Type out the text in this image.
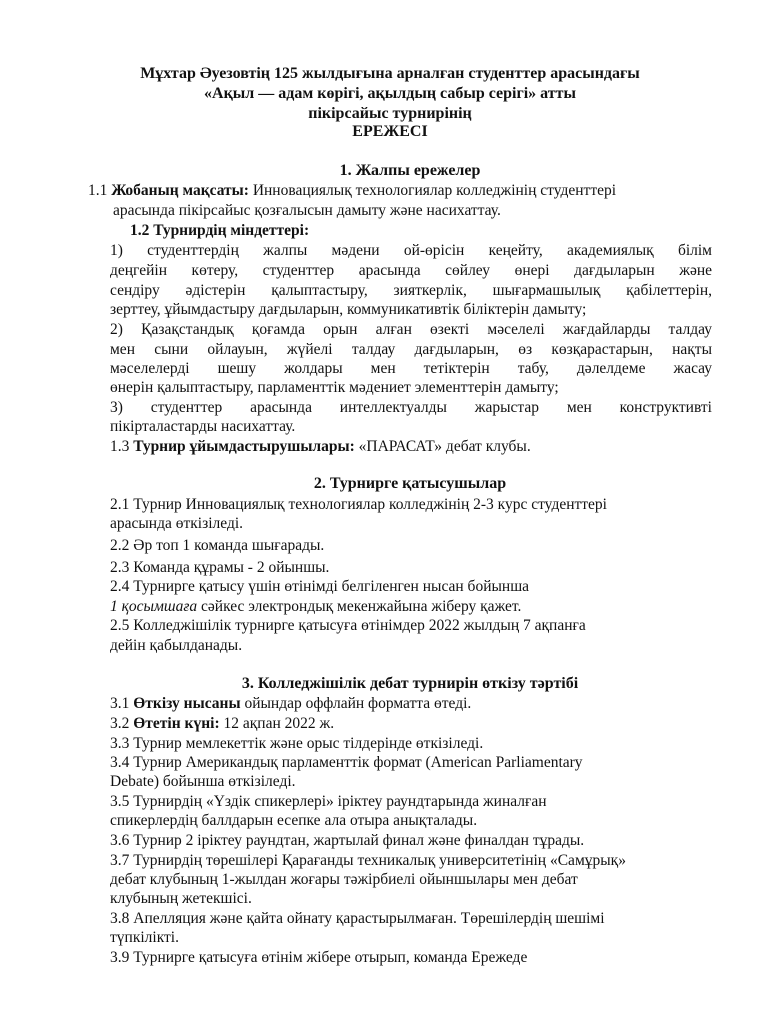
Мұхтар Әуезовтің 125 жылдығына арналған студенттер арасындағы
«Ақыл — адам көрігі, ақылдың сабыр серігі» атты
пікірсайыс турнирінің
ЕРЕЖЕСІ
1. Жалпы ережелер
1.1 Жобаның мақсаты: Инновациялық технологиялар колледжінің студенттері
арасында пікірсайыс қозғалысын дамыту және насихаттау.
1.2 Турнирдің міндеттері:
1) студенттердің жалпы мәдени ой-өрісін кеңейту, академиялық білім
деңгейін көтеру, студенттер арасында сөйлеу өнері дағдыларын және
сендіру әдістерін қалыптастыру, зияткерлік, шығармашылық қабілеттерін,
зерттеу, ұйымдастыру дағдыларын, коммуникативтік біліктерін дамыту;
2) Қазақстандық қоғамда орын алған өзекті мәселелі жағдайларды талдау
мен сыни ойлауын, жүйелі талдау дағдыларын, өз көзқарастарын, нақты
мәселелерді шешу жолдары мен тетіктерін табу, дәлелдеме жасау
өнерін қалыптастыру, парламенттік мәдениет элементтерін дамыту;
3) студенттер арасында интеллектуалды жарыстар мен конструктивті
пікірталастарды насихаттау.
1.3 Турнир ұйымдастырушылары: «ПАРАСАТ» дебат клубы.
2. Турнирге қатысушылар
2.1 Турнир Инновациялық технологиялар колледжінің 2-3 курс студенттері
арасында өткізіледі.
2.2 Әр топ 1 команда шығарады.
2.3 Команда құрамы - 2 ойыншы.
2.4 Турнирге қатысу үшін өтінімді белгіленген нысан бойынша
1 қосымшаға сәйкес электрондық мекенжайына жіберу қажет.
2.5 Колледжішілік турнирге қатысуға өтінімдер 2022 жылдың 7 ақпанға
дейін қабылданады.
3. Колледжішілік дебат турнирін өткізу тәртібі
3.1 Өткізу нысаны ойындар оффлайн форматта өтеді.
3.2 Өтетін күні: 12 ақпан 2022 ж.
3.3 Турнир мемлекеттік және орыс тілдерінде өткізіледі.
3.4 Турнир Американдық парламенттік формат (American Parliamentary
Debate) бойынша өткізіледі.
3.5 Турнирдің «Үздік спикерлері» іріктеу раундтарында жиналған
спикерлердің баллдарын есепке ала отыра анықталады.
3.6 Турнир 2 іріктеу раундтан, жартылай финал және финалдан тұрады.
3.7 Турнирдің төрешілері Қарағанды техникалық университетінің «Самұрық»
дебат клубының 1-жылдан жоғары тәжірбиелі ойыншылары мен дебат
клубының жетекшісі.
3.8 Апелляция және қайта ойнату қарастырылмаған. Төрешілердің шешімі
түпкілікті.
3.9 Турнирге қатысуға өтінім жібере отырып, команда Ережеде
